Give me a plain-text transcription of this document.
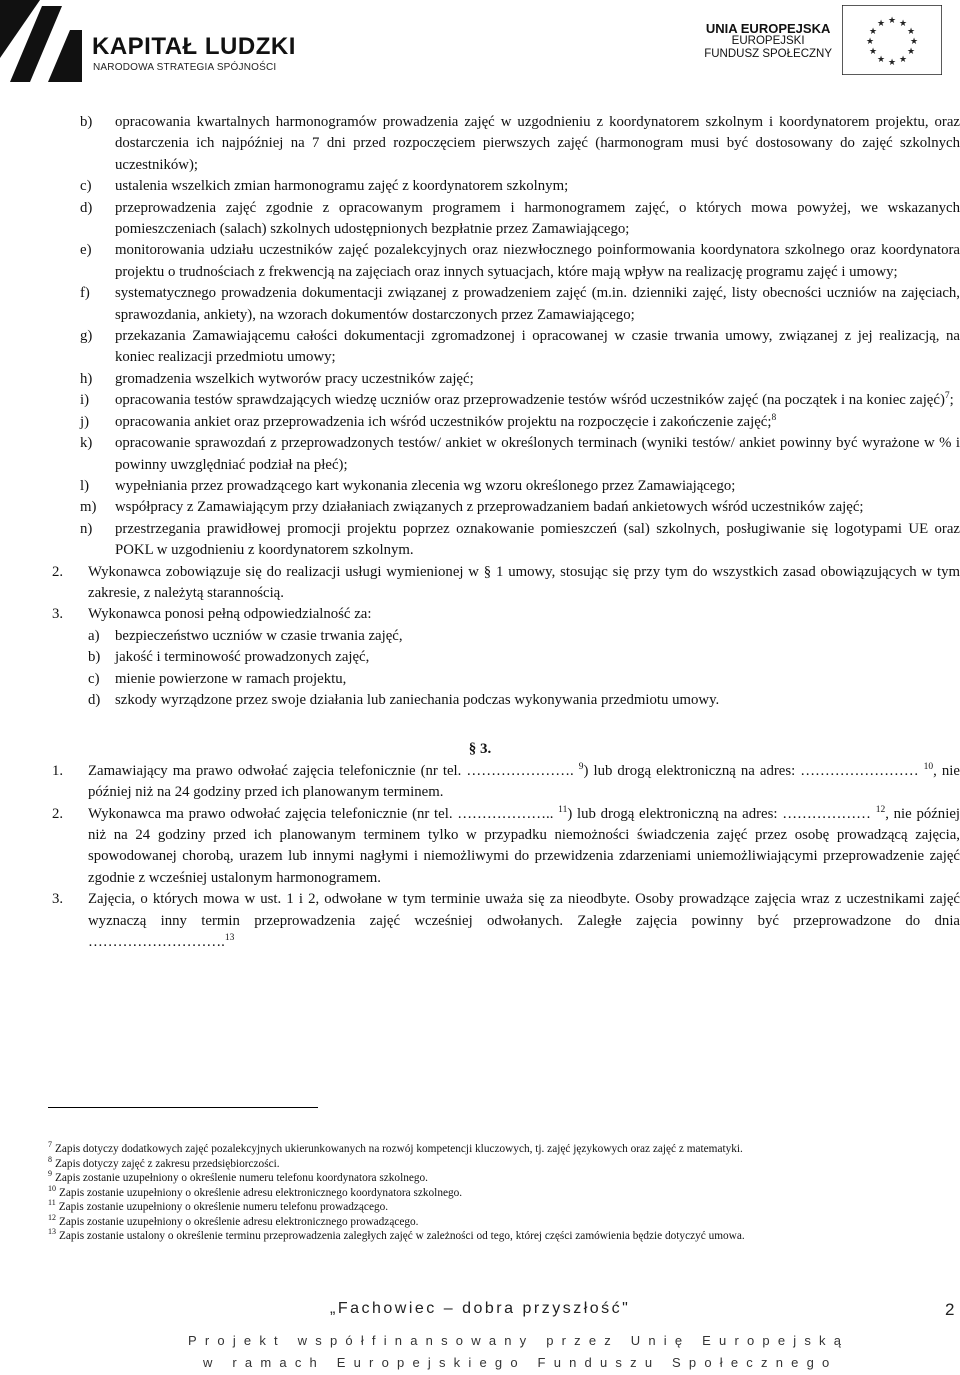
KAPITAŁ LUDZKI
NARODOWA STRATEGIA SPÓJNOŚCI
UNIA EUROPEJSKA
EUROPEJSKI
FUNDUSZ SPOŁECZNY
★ ★
★
★
★
★
★
★
★
★
★
★
b) opracowania kwartalnych harmonogramów prowadzenia zajęć w uzgodnieniu z koordynatorem szkolnym i koordynatorem projektu, oraz dostarczenia ich najpóźniej na 7 dni przed rozpoczęciem pierwszych zajęć (harmonogram musi być dostosowany do zajęć szkolnych uczestników);
c) ustalenia wszelkich zmian harmonogramu zajęć z koordynatorem szkolnym;
d) przeprowadzenia zajęć zgodnie z opracowanym programem i harmonogramem zajęć, o których mowa powyżej, we wskazanych pomieszczeniach (salach) szkolnych udostępnionych bezpłatnie przez Zamawiającego;
e) monitorowania udziału uczestników zajęć pozalekcyjnych oraz niezwłocznego poinformowania koordynatora szkolnego oraz koordynatora projektu o trudnościach z frekwencją na zajęciach oraz innych sytuacjach, które mają wpływ na realizację programu zajęć i umowy;
f) systematycznego prowadzenia dokumentacji związanej z prowadzeniem zajęć (m.in. dzienniki zajęć, listy obecności uczniów na zajęciach, sprawozdania, ankiety), na wzorach dokumentów dostarczonych przez Zamawiającego;
g) przekazania Zamawiającemu całości dokumentacji zgromadzonej i opracowanej w czasie trwania umowy, związanej z jej realizacją, na koniec realizacji przedmiotu umowy;
h) gromadzenia wszelkich wytworów pracy uczestników zajęć;
i) opracowania testów sprawdzających wiedzę uczniów oraz przeprowadzenie testów wśród uczestników zajęć (na początek i na koniec zajęć)$^7$;
j) opracowania ankiet oraz przeprowadzenia ich wśród uczestników projektu na rozpoczęcie i zakończenie zajęć;$^8$
k) opracowanie sprawozdań z przeprowadzonych testów/ ankiet w określonych terminach (wyniki testów/ ankiet powinny być wyrażone w % i powinny uwzględniać podział na płeć);
l) wypełniania przez prowadzącego kart wykonania zlecenia wg wzoru określonego przez Zamawiającego;
m) współpracy z Zamawiającym przy działaniach związanych z przeprowadzaniem badań ankietowych wśród uczestników zajęć;
n) przestrzegania prawidłowej promocji projektu poprzez oznakowanie pomieszczeń (sal) szkolnych, posługiwanie się logotypami UE oraz POKL w uzgodnieniu z koordynatorem szkolnym.
2. Wykonawca zobowiązuje się do realizacji usługi wymienionej w § 1 umowy, stosując się przy tym do wszystkich zasad obowiązujących w tym zakresie, z należytą starannością.
3. Wykonawca ponosi pełną odpowiedzialność za:
a) bezpieczeństwo uczniów w czasie trwania zajęć,
b) jakość i terminowość prowadzonych zajęć,
c) mienie powierzone w ramach projektu,
d) szkody wyrządzone przez swoje działania lub zaniechania podczas wykonywania przedmiotu umowy.
§ 3.
1. Zamawiający ma prawo odwołać zajęcia telefonicznie (nr tel. …………………. $^9$) lub drogą elektroniczną na adres: …………………… $^{10}$, nie później niż na 24 godziny przed ich planowanym terminem.
2. Wykonawca ma prawo odwołać zajęcia telefonicznie (nr tel. ……………….. $^{11}$) lub drogą elektroniczną na adres: ……………… $^{12}$, nie później niż na 24 godziny przed ich planowanym terminem tylko w przypadku niemożności świadczenia zajęć przez osobę prowadzącą zajęcia, spowodowanej chorobą, urazem lub innymi nagłymi i niemożliwymi do przewidzenia zdarzeniami uniemożliwiającymi przeprowadzenie zajęć zgodnie z wcześniej ustalonym harmonogramem.
3. Zajęcia, o których mowa w ust. 1 i 2, odwołane w tym terminie uważa się za nieodbyte. Osoby prowadzące zajęcia wraz z uczestnikami zajęć wyznaczą inny termin przeprowadzenia zajęć wcześniej odwołanych. Zaległe zajęcia powinny być przeprowadzone do dnia ……………………….$^{13}$
$^7$ Zapis dotyczy dodatkowych zajęć pozalekcyjnych ukierunkowanych na rozwój kompetencji kluczowych, tj. zajęć językowych oraz zajęć z matematyki.
$^8$ Zapis dotyczy zajęć z zakresu przedsiębiorczości.
$^9$ Zapis zostanie uzupełniony o określenie numeru telefonu koordynatora szkolnego.
$^{10}$ Zapis zostanie uzupełniony o określenie adresu elektronicznego koordynatora szkolnego.
$^{11}$ Zapis zostanie uzupełniony o określenie numeru telefonu prowadzącego.
$^{12}$ Zapis zostanie uzupełniony o określenie adresu elektronicznego prowadzącego.
$^{13}$ Zapis zostanie ustalony o określenie terminu przeprowadzenia zaległych zajęć w zależności od tego, której części zamówienia będzie dotyczyć umowa.
„Fachowiec – dobra przyszłość"	2
Projekt współfinansowany przez Unię Europejską
w ramach Europejskiego Funduszu Społecznego
